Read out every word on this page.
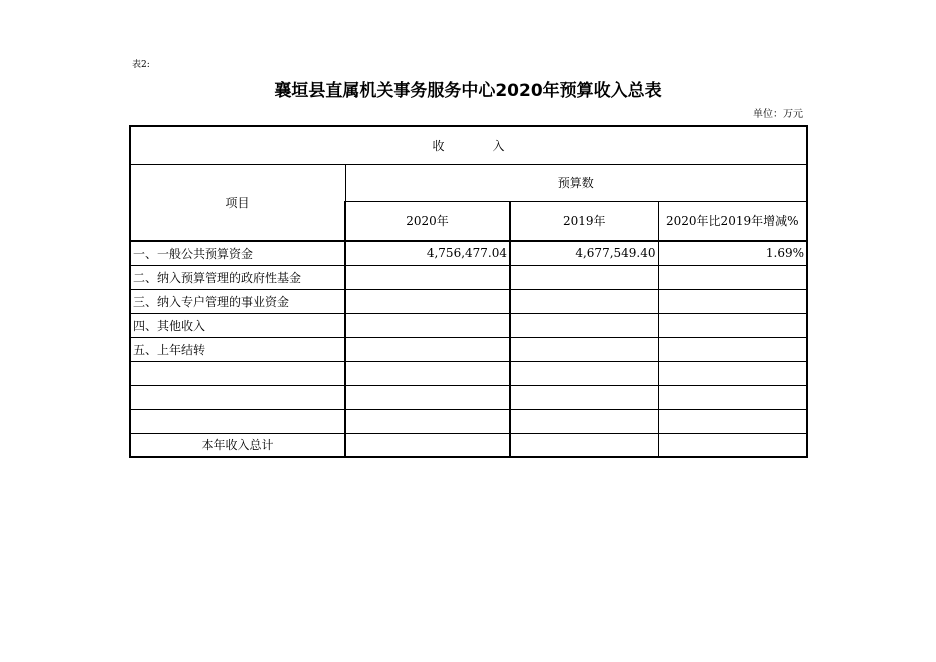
表2:
襄垣县直属机关事务服务中心2020年预算收入总表
单位：万元
收　　　　入			
项目	预算数		
	2020年	2019年	2020年比2019年增减%
一、一般公共预算资金	4,756,477.04	4,677,549.40	1.69%
二、纳入预算管理的政府性基金			
三、纳入专户管理的事业资金			
四、其他收入			
五、上年结转			

本年收入总计			
